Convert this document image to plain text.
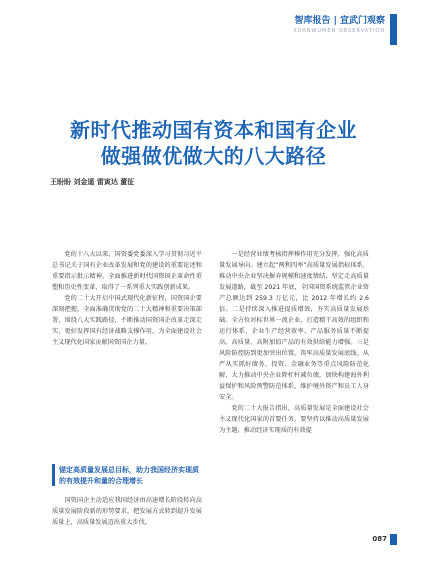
智库报告 | 宣武门观察
XUANWUMEN OBSERVATION
新时代推动国有资本和国有企业
做强做优做大的八大路径
王盼盼 刘金遥 雷寅达 董征

党的十八大以来，国资委党委深入学习贯彻习近平总书记关于国有企业改革发展和党的建设的重要论述和重要指示批示精神，全面推进新时代国资国企革命性重塑和历史性变革，取得了一系列重大实践创新成果。

党的二十大开启中国式现代化新征程，国资国企要深刻把握，全面准确贯彻党的二十大精神和重要决策部署，围绕八大实践路径，不断推动国资国企改革走深走实，更好发挥国有经济战略支撑作用，为全面建设社会主义现代化国家贡献国资国企力量。

锚定高质量发展总目标，助力我国经济实现质的有效提升和量的合理增长

国资国企主动适应我国经济由高速增长阶段转向高质量发展阶段新的形势要求，把发展方式转到提升发展质量上，高质量发展迈出重大步伐。

一是经营业绩考核指挥棒作用充分发挥，强化高质量发展导向。建立起“两利四率”高质量发展指标体系，推动中央企业坚决摒弃规模和速度情结，坚定走高质量发展道路，截至 2021 年底，全国国资系统监管企业资产总额达到 259.3 万亿元，比 2012 年增长约 2.6 倍。二是持续深入推进提质增效，夯实高质量发展基础。全方位对标世界一流企业，打造精干高效的组织和运行体系，企业生产经营效率、产品服务质量不断提高，高质量、高附加值产品的有效供给能力增强。三是风险防控防到更加突出位置，筑牢高质量发展底线。从严从实抓好债务、投资、金融业务等重点风险防范化解，大力推动中央企业降杠杆减负债，加快构建海外利益保护和风险预警防范体系，维护境外资产和员工人身安全。

党的二十大报告指出，高质量发展是全面建设社会主义现代化国家的首要任务。要坚持以推动高质量发展为主题，推动经济实现质的有效提

087
